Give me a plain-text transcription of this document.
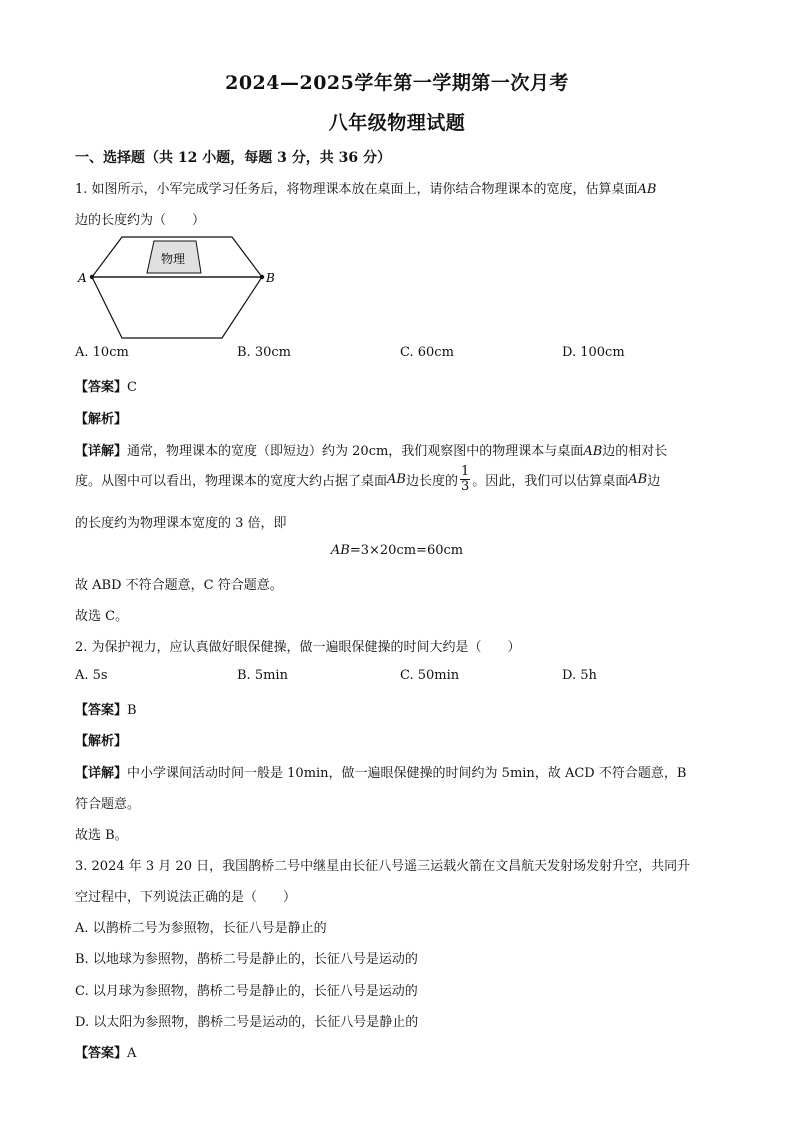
2024—2025学年第一学期第一次月考
八年级物理试题
一、选择题（共 12 小题，每题 3 分，共 36 分）
1. 如图所示，小军完成学习任务后，将物理课本放在桌面上，请你结合物理课本的宽度，估算桌面AB
边的长度约为（　　）
物理
A	B
A. 10cm	B. 30cm	C. 60cm	D. 100cm
【答案】C
【解析】
【详解】通常，物理课本的宽度（即短边）约为 20cm，我们观察图中的物理课本与桌面AB边的相对长
度。从图中可以看出，物理课本的宽度大约占据了桌面AB边长度的 $\frac{1}{3}$ 。因此，我们可以估算桌面AB边
的长度约为物理课本宽度的 3 倍，即
AB=3×20cm=60cm
故 ABD 不符合题意，C 符合题意。
故选 C。
2. 为保护视力，应认真做好眼保健操，做一遍眼保健操的时间大约是（　　）
A. 5s	B. 5min	C. 50min	D. 5h
【答案】B
【解析】
【详解】中小学课间活动时间一般是 10min，做一遍眼保健操的时间约为 5min，故 ACD 不符合题意，B
符合题意。
故选 B。
3. 2024 年 3 月 20 日，我国鹊桥二号中继星由长征八号遥三运载火箭在文昌航天发射场发射升空，共同升
空过程中，下列说法正确的是（　　）
A. 以鹊桥二号为参照物，长征八号是静止的
B. 以地球为参照物，鹊桥二号是静止的，长征八号是运动的
C. 以月球为参照物，鹊桥二号是静止的，长征八号是运动的
D. 以太阳为参照物，鹊桥二号是运动的，长征八号是静止的
【答案】A
